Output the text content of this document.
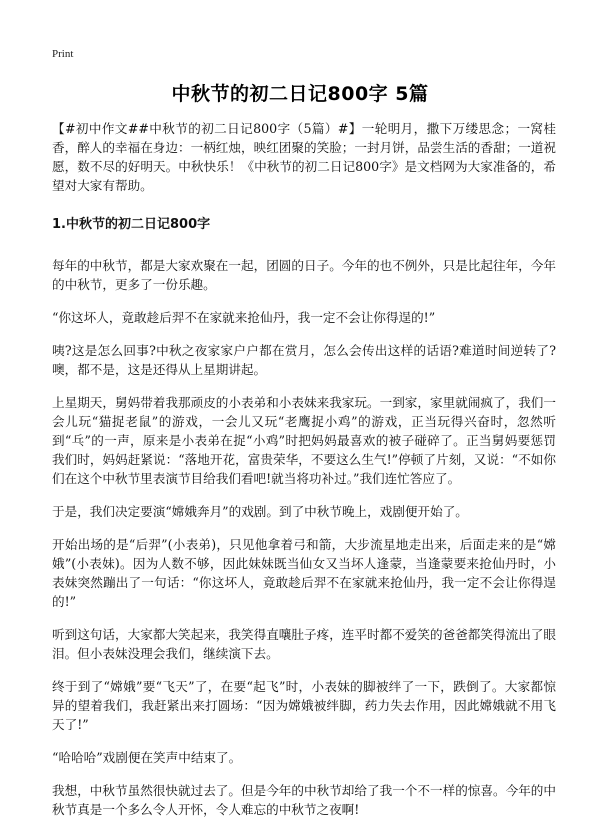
Print
中秋节的初二日记800字 5篇

【#初中作文##中秋节的初二日记800字（5篇）#】一轮明月，撒下万缕思念；一窝桂香，醉人的幸福在身边：一柄红烛，映红团聚的笑脸；一封月饼，品尝生活的香甜；一道祝愿，数不尽的好明天。中秋快乐！《中秋节的初二日记800字》是文档网为大家准备的，希望对大家有帮助。

1.中秋节的初二日记800字

每年的中秋节，都是大家欢聚在一起，团圆的日子。今年的也不例外，只是比起往年，今年的中秋节，更多了一份乐趣。

“你这坏人，竟敢趁后羿不在家就来抢仙丹，我一定不会让你得逞的!”

咦?这是怎么回事?中秋之夜家家户户都在赏月，怎么会传出这样的话语?难道时间逆转了?噢，都不是，这是还得从上星期讲起。

上星期天，舅妈带着我那顽皮的小表弟和小表妹来我家玩。一到家，家里就闹疯了，我们一会儿玩“猫捉老鼠”的游戏，一会儿又玩“老鹰捉小鸡”的游戏，正当玩得兴奋时，忽然听到“乓”的一声，原来是小表弟在捉“小鸡”时把妈妈最喜欢的被子碰碎了。正当舅妈要惩罚我们时，妈妈赶紧说：“落地开花，富贵荣华，不要这么生气!”停顿了片刻，又说：“不如你们在这个中秋节里表演节目给我们看吧!就当将功补过。”我们连忙答应了。

于是，我们决定要演“嫦娥奔月”的戏剧。到了中秋节晚上，戏剧便开始了。

开始出场的是“后羿”(小表弟)，只见他拿着弓和箭，大步流星地走出来，后面走来的是“嫦娥”(小表妹)。因为人数不够，因此妹妹既当仙女又当坏人逢蒙，当逢蒙要来抢仙丹时，小表妹突然蹦出了一句话：“你这坏人，竟敢趁后羿不在家就来抢仙丹，我一定不会让你得逞的!”

听到这句话，大家都大笑起来，我笑得直嚷肚子疼，连平时都不爱笑的爸爸都笑得流出了眼泪。但小表妹没理会我们，继续演下去。

终于到了“嫦娥”要“飞天”了，在要“起飞”时，小表妹的脚被绊了一下，跌倒了。大家都惊异的望着我们，我赶紧出来打圆场：“因为嫦娥被绊脚，药力失去作用，因此嫦娥就不用飞天了!”

“哈哈哈”戏剧便在笑声中结束了。

我想，中秋节虽然很快就过去了。但是今年的中秋节却给了我一个不一样的惊喜。今年的中秋节真是一个多么令人开怀，令人难忘的中秋节之夜啊!
